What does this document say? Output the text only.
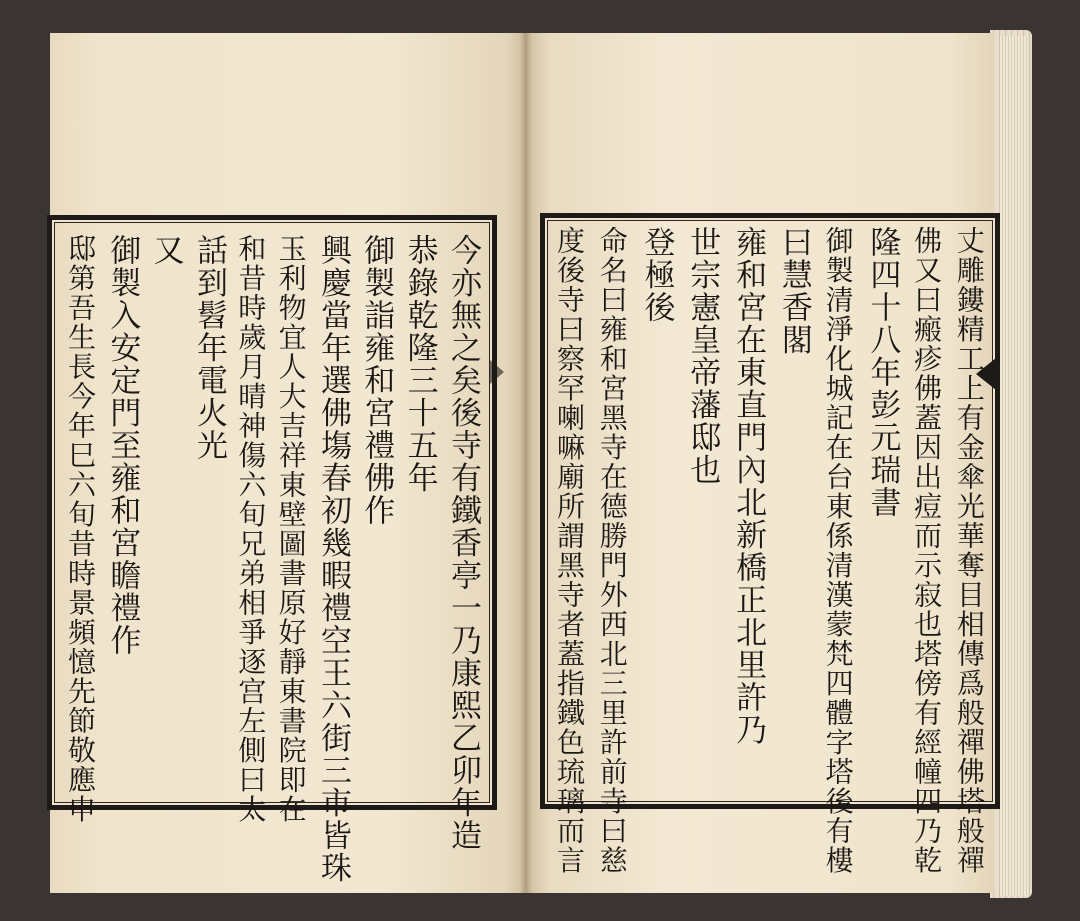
今亦無之矣後寺有鐵香亭一乃康熙乙卯年造
恭錄乾隆三十五年
御製詣雍和宮禮佛作
興慶當年選佛塲春初幾暇禮空王六街三市皆珠
玉利物宜人大吉祥東壁圖書原好靜東書院即在
和昔時歲月晴神傷六旬兄弟相爭逐宫左側曰太
話到髫年電火光
又
御製入安定門至雍和宮瞻禮作
邸第吾生長今年巳六旬昔時景頻憶先節敬應申	丈雕鏤精工上有金傘光華奪目相傳爲般禪佛塔般禪
佛又曰瘢疹佛蓋因出痘而示寂也塔傍有經幢四乃乾
隆四十八年彭元瑞書
御製清淨化城記在台東係清漢蒙梵四體字塔後有樓
曰慧香閣
雍和宮在東直門內北新橋正北里許乃
世宗憲皇帝藩邸也
登極後
命名曰雍和宮黑寺在德勝門外西北三里許前寺曰慈
度後寺曰察罕喇嘛廟所謂黑寺者蓋指鐵色琉璃而言
